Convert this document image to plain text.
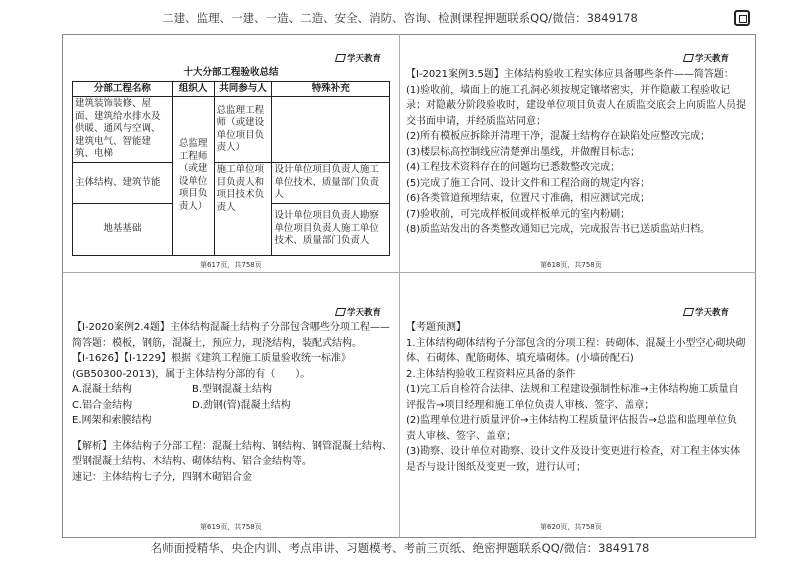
二建、监理、一建、一造、二造、安全、消防、咨询、检测课程押题联系QQ/微信：3849178
学天教育
十大分部工程验收总结			
分部工程名称	组织人	共同参与人	特殊补充
建筑装饰装修、屋面、建筑给水排水及供暖、通风与空调、建筑电气、智能建筑、电梯	总监理工程师（或建设单位项目负责人）	总监理工程师（或建设单位项目负责人）	
主体结构、建筑节能		施工单位项目负责人和项目技术负责人	设计单位项目负责人施工单位技术、质量部门负责人
地基基础			设计单位项目负责人勘察单位项目负责人施工单位技术、质量部门负责人
第617页，共758页
学天教育

【Ⅰ-2021案例3.5题】主体结构验收工程实体应具备哪些条件——简答题：

(1)验收前，墙面上的施工孔洞必须按规定镶堵密实，并作隐蔽工程验收记录；对隐蔽分阶段验收时，建设单位项目负责人在质监交底会上向质监人员提交书面申请，并经质监站同意；

(2)所有模板应拆除并清理干净，混凝土结构存在缺陷处应整改完成；

(3)楼层标高控制线应清楚弹出墨线，并做醒目标志；

(4)工程技术资料存在的问题均已悉数整改完成；

(5)完成了施工合同、设计文件和工程洽商的规定内容；

(6)各类管道预埋结束，位置尺寸准确，相应测试完成；

(7)验收前，可完成样板间或样板单元的室内粉刷；

(8)质监站发出的各类整改通知已完成，完成报告书已送质监站归档。

第618页，共758页
学天教育

【Ⅰ-2020案例2.4题】主体结构混凝土结构子分部包含哪些分项工程——简答题：模板，钢筋，混凝土，预应力，现浇结构，装配式结构。

【Ⅰ-1626】【Ⅰ-1229】根据《建筑工程施工质量验收统一标准》(GB50300-2013)，属于主体结构分部的有（　　）。

A.混凝土结构	B.型钢混凝土结构

C.铝合金结构	D.劲钢(管)混凝土结构

E.网架和索膜结构

【解析】主体结构子分部工程：混凝土结构、钢结构、钢管混凝土结构、型钢混凝土结构、木结构、砌体结构、铝合金结构等。

速记：主体结构七子分，四钢木砌铝合金

第619页，共758页
学天教育

【考题预测】

1.主体结构砌体结构子分部包含的分项工程：砖砌体、混凝土小型空心砌块砌体、石砌体、配筋砌体、填充墙砌体。(小墙砖配石)

2.主体结构验收工程资料应具备的条件

(1)完工后自检符合法律、法规和工程建设强制性标准→主体结构施工质量自评报告→项目经理和施工单位负责人审核、签字、盖章；

(2)监理单位进行质量评价→主体结构工程质量评估报告→总监和监理单位负责人审核、签字、盖章；

(3)勘察、设计单位对勘察、设计文件及设计变更进行检查，对工程主体实体是否与设计图纸及变更一致，进行认可；

第620页，共758页
名师面授精华、央企内训、考点串讲、习题模考、考前三页纸、绝密押题联系QQ/微信：3849178
